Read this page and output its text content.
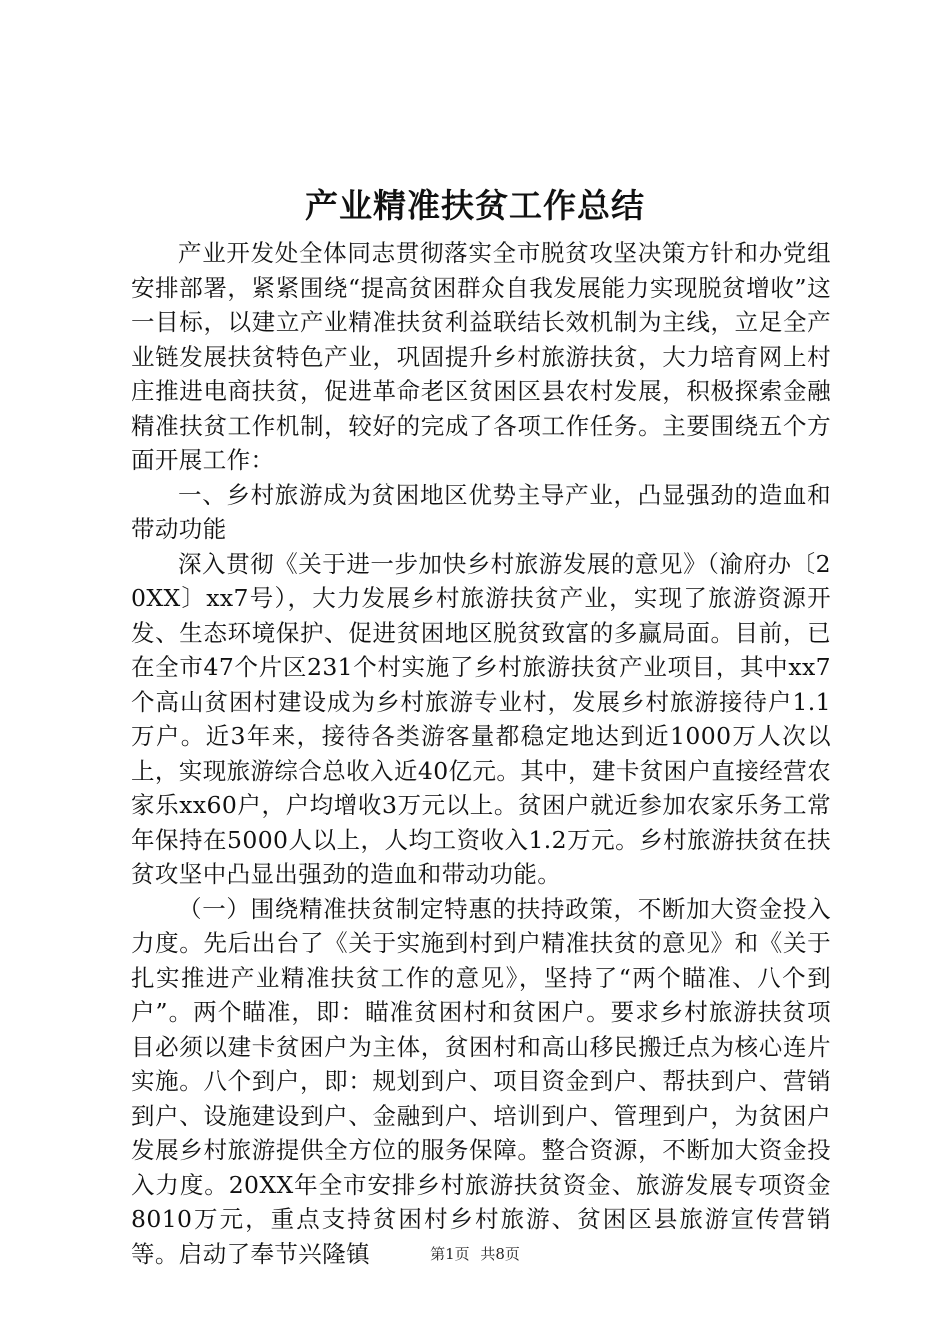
产业精准扶贫工作总结

产业开发处全体同志贯彻落实全市脱贫攻坚决策方针和办党组安排部署，紧紧围绕“提高贫困群众自我发展能力实现脱贫增收”这一目标，以建立产业精准扶贫利益联结长效机制为主线，立足全产业链发展扶贫特色产业，巩固提升乡村旅游扶贫，大力培育网上村庄推进电商扶贫，促进革命老区贫困区县农村发展，积极探索金融精准扶贫工作机制，较好的完成了各项工作任务。主要围绕五个方面开展工作：

一、乡村旅游成为贫困地区优势主导产业，凸显强劲的造血和带动功能

深入贯彻《关于进一步加快乡村旅游发展的意见》（渝府办〔20XX〕xx7号），大力发展乡村旅游扶贫产业，实现了旅游资源开发、生态环境保护、促进贫困地区脱贫致富的多赢局面。目前，已在全市47个片区231个村实施了乡村旅游扶贫产业项目，其中xx7个高山贫困村建设成为乡村旅游专业村，发展乡村旅游接待户1.1万户。近3年来，接待各类游客量都稳定地达到近1000万人次以上，实现旅游综合总收入近40亿元。其中，建卡贫困户直接经营农家乐xx60户，户均增收3万元以上。贫困户就近参加农家乐务工常年保持在5000人以上，人均工资收入1.2万元。乡村旅游扶贫在扶贫攻坚中凸显出强劲的造血和带动功能。

（一）围绕精准扶贫制定特惠的扶持政策，不断加大资金投入力度。先后出台了《关于实施到村到户精准扶贫的意见》和《关于扎实推进产业精准扶贫工作的意见》，坚持了“两个瞄准、八个到户”。两个瞄准，即：瞄准贫困村和贫困户。要求乡村旅游扶贫项目必须以建卡贫困户为主体，贫困村和高山移民搬迁点为核心连片实施。八个到户，即：规划到户、项目资金到户、帮扶到户、营销到户、设施建设到户、金融到户、培训到户、管理到户，为贫困户发展乡村旅游提供全方位的服务保障。整合资源，不断加大资金投入力度。20XX年全市安排乡村旅游扶贫资金、旅游发展专项资金8010万元，重点支持贫困村乡村旅游、贫困区县旅游宣传营销等。启动了奉节兴隆镇	第1页 共8页
